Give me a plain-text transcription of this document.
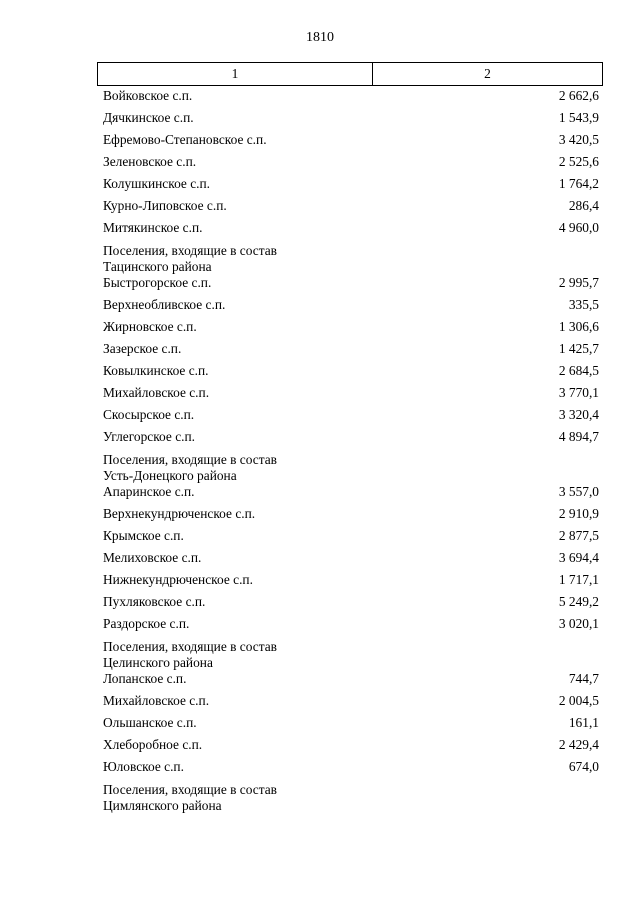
1810
1	2
Войковское с.п.	2 662,6
Дячкинское с.п.	1 543,9
Ефремово-Степановское с.п.	3 420,5
Зеленовское с.п.	2 525,6
Колушкинское с.п.	1 764,2
Курно-Липовское с.п.	286,4
Митякинское с.п.	4 960,0
Поселения, входящие в состав
Тацинского района
Быстрогорское с.п.	2 995,7
Верхнеобливское с.п.	335,5
Жирновское с.п.	1 306,6
Зазерское с.п.	1 425,7
Ковылкинское с.п.	2 684,5
Михайловское с.п.	3 770,1
Скосырское с.п.	3 320,4
Углегорское с.п.	4 894,7
Поселения, входящие в состав
Усть-Донецкого района
Апаринское с.п.	3 557,0
Верхнекундрюченское с.п.	2 910,9
Крымское с.п.	2 877,5
Мелиховское с.п.	3 694,4
Нижнекундрюченское с.п.	1 717,1
Пухляковское с.п.	5 249,2
Раздорское с.п.	3 020,1
Поселения, входящие в состав
Целинского района
Лопанское с.п.	744,7
Михайловское с.п.	2 004,5
Ольшанское с.п.	161,1
Хлеборобное с.п.	2 429,4
Юловское с.п.	674,0
Поселения, входящие в состав
Цимлянского района
